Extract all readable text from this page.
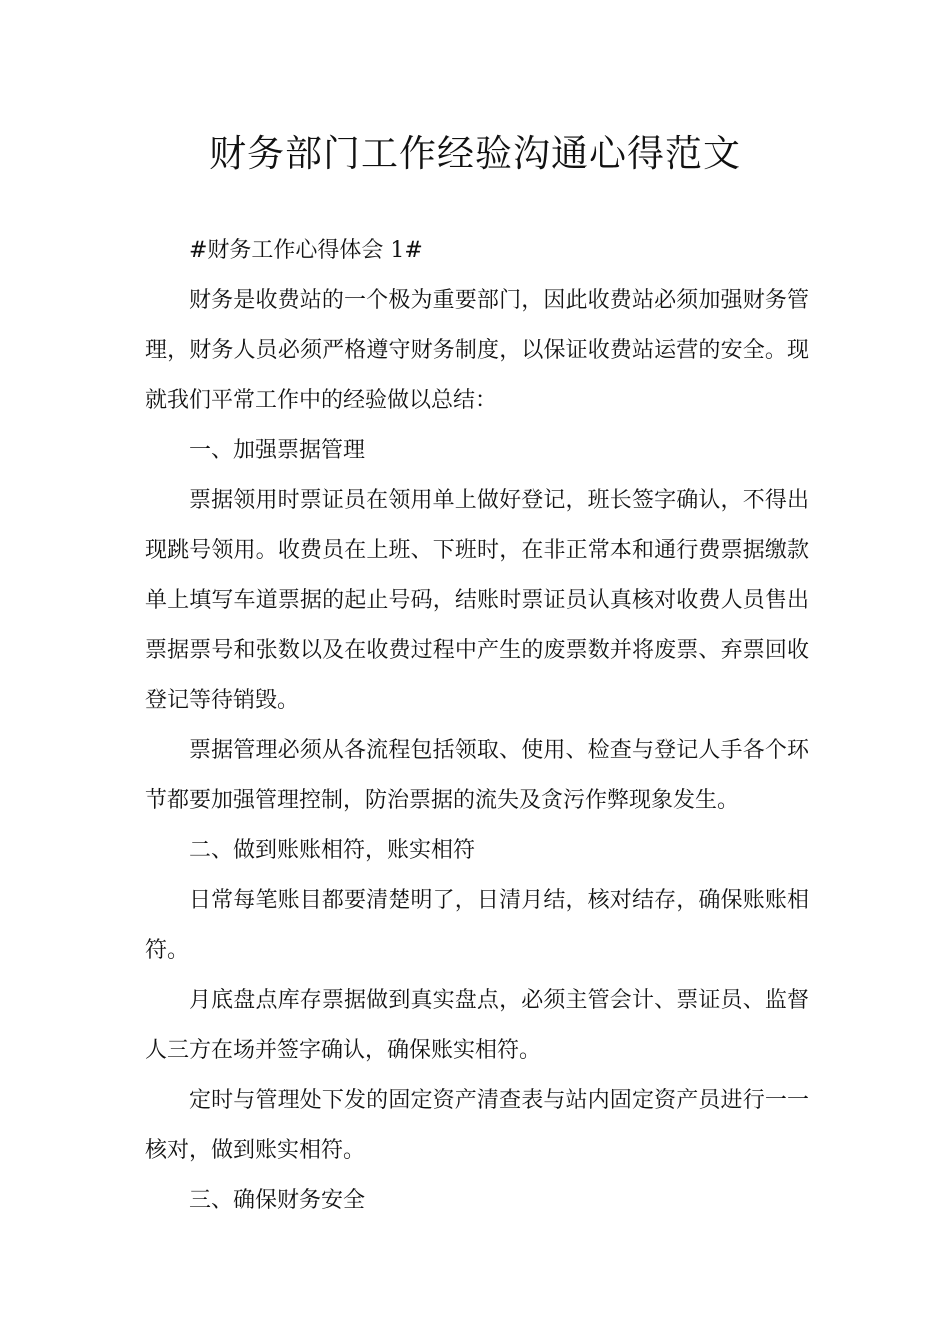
财务部门工作经验沟通心得范文

#财务工作心得体会 1#

财务是收费站的一个极为重要部门，因此收费站必须加强财务管理，财务人员必须严格遵守财务制度，以保证收费站运营的安全。现就我们平常工作中的经验做以总结：

一、加强票据管理

票据领用时票证员在领用单上做好登记，班长签字确认，不得出现跳号领用。收费员在上班、下班时，在非正常本和通行费票据缴款单上填写车道票据的起止号码，结账时票证员认真核对收费人员售出票据票号和张数以及在收费过程中产生的废票数并将废票、弃票回收登记等待销毁。

票据管理必须从各流程包括领取、使用、检查与登记人手各个环节都要加强管理控制，防治票据的流失及贪污作弊现象发生。

二、做到账账相符，账实相符

日常每笔账目都要清楚明了，日清月结，核对结存，确保账账相符。

月底盘点库存票据做到真实盘点，必须主管会计、票证员、监督人三方在场并签字确认，确保账实相符。

定时与管理处下发的固定资产清查表与站内固定资产员进行一一核对，做到账实相符。

三、确保财务安全
